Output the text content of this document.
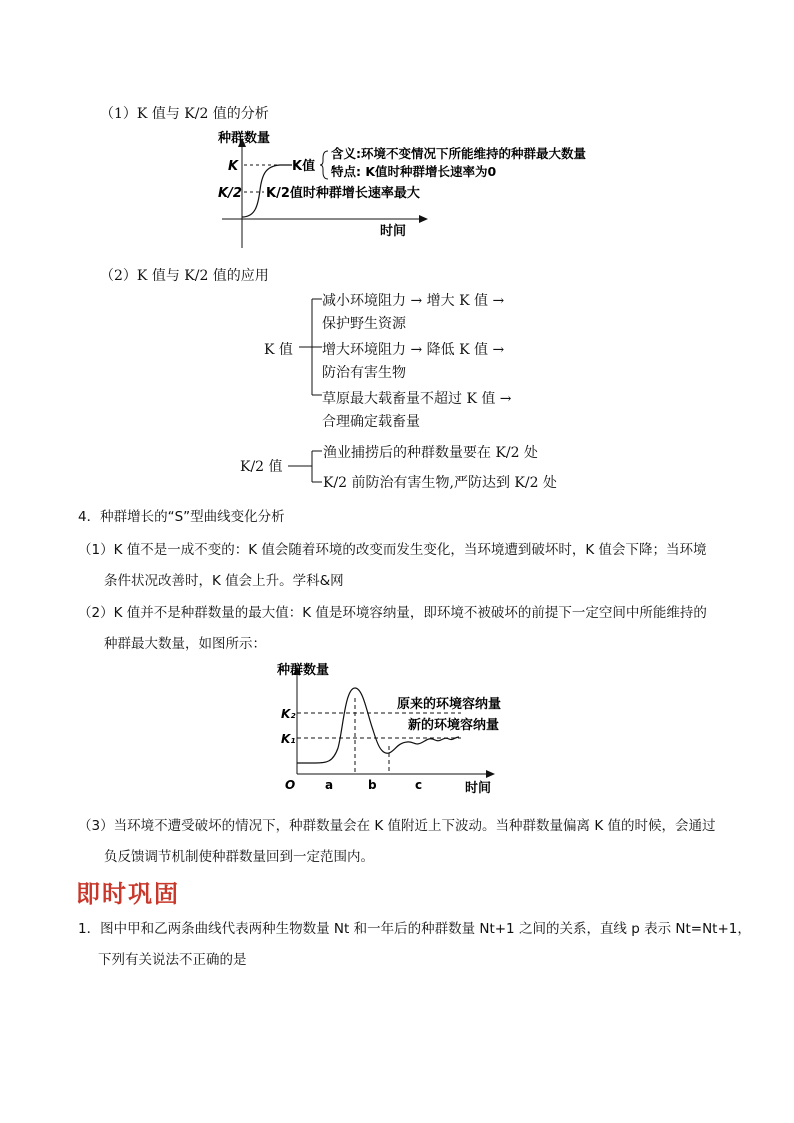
（1）K 值与 K/2 值的分析
种群数量
K
K/2
K值
含义:环境不变情况下所能维持的种群最大数量
特点: K值时种群增长速率为0
K/2值时种群增长速率最大
时间
（2）K 值与 K/2 值的应用
K 值
减小环境阻力 → 增大 K 值 →
保护野生资源
增大环境阻力 → 降低 K 值 →
防治有害生物
草原最大载畜量不超过 K 值 →
合理确定载畜量
K/2 值
渔业捕捞后的种群数量要在 K/2 处
K/2 前防治有害生物,严防达到 K/2 处
4．种群增长的“S”型曲线变化分析
（1）K 值不是一成不变的：K 值会随着环境的改变而发生变化，当环境遭到破坏时，K 值会下降；当环境
条件状况改善时，K 值会上升。学科&网
（2）K 值并不是种群数量的最大值：K 值是环境容纳量，即环境不被破坏的前提下一定空间中所能维持的
种群最大数量，如图所示：
种群数量
K₂
K₁
O
原来的环境容纳量
新的环境容纳量
a	b	c	时间
（3）当环境不遭受破坏的情况下，种群数量会在 K 值附近上下波动。当种群数量偏离 K 值的时候，会通过
负反馈调节机制使种群数量回到一定范围内。
即时巩固
1．图中甲和乙两条曲线代表两种生物数量 Nt 和一年后的种群数量 Nt+1 之间的关系，直线 p 表示 Nt=Nt+1，
下列有关说法不正确的是
